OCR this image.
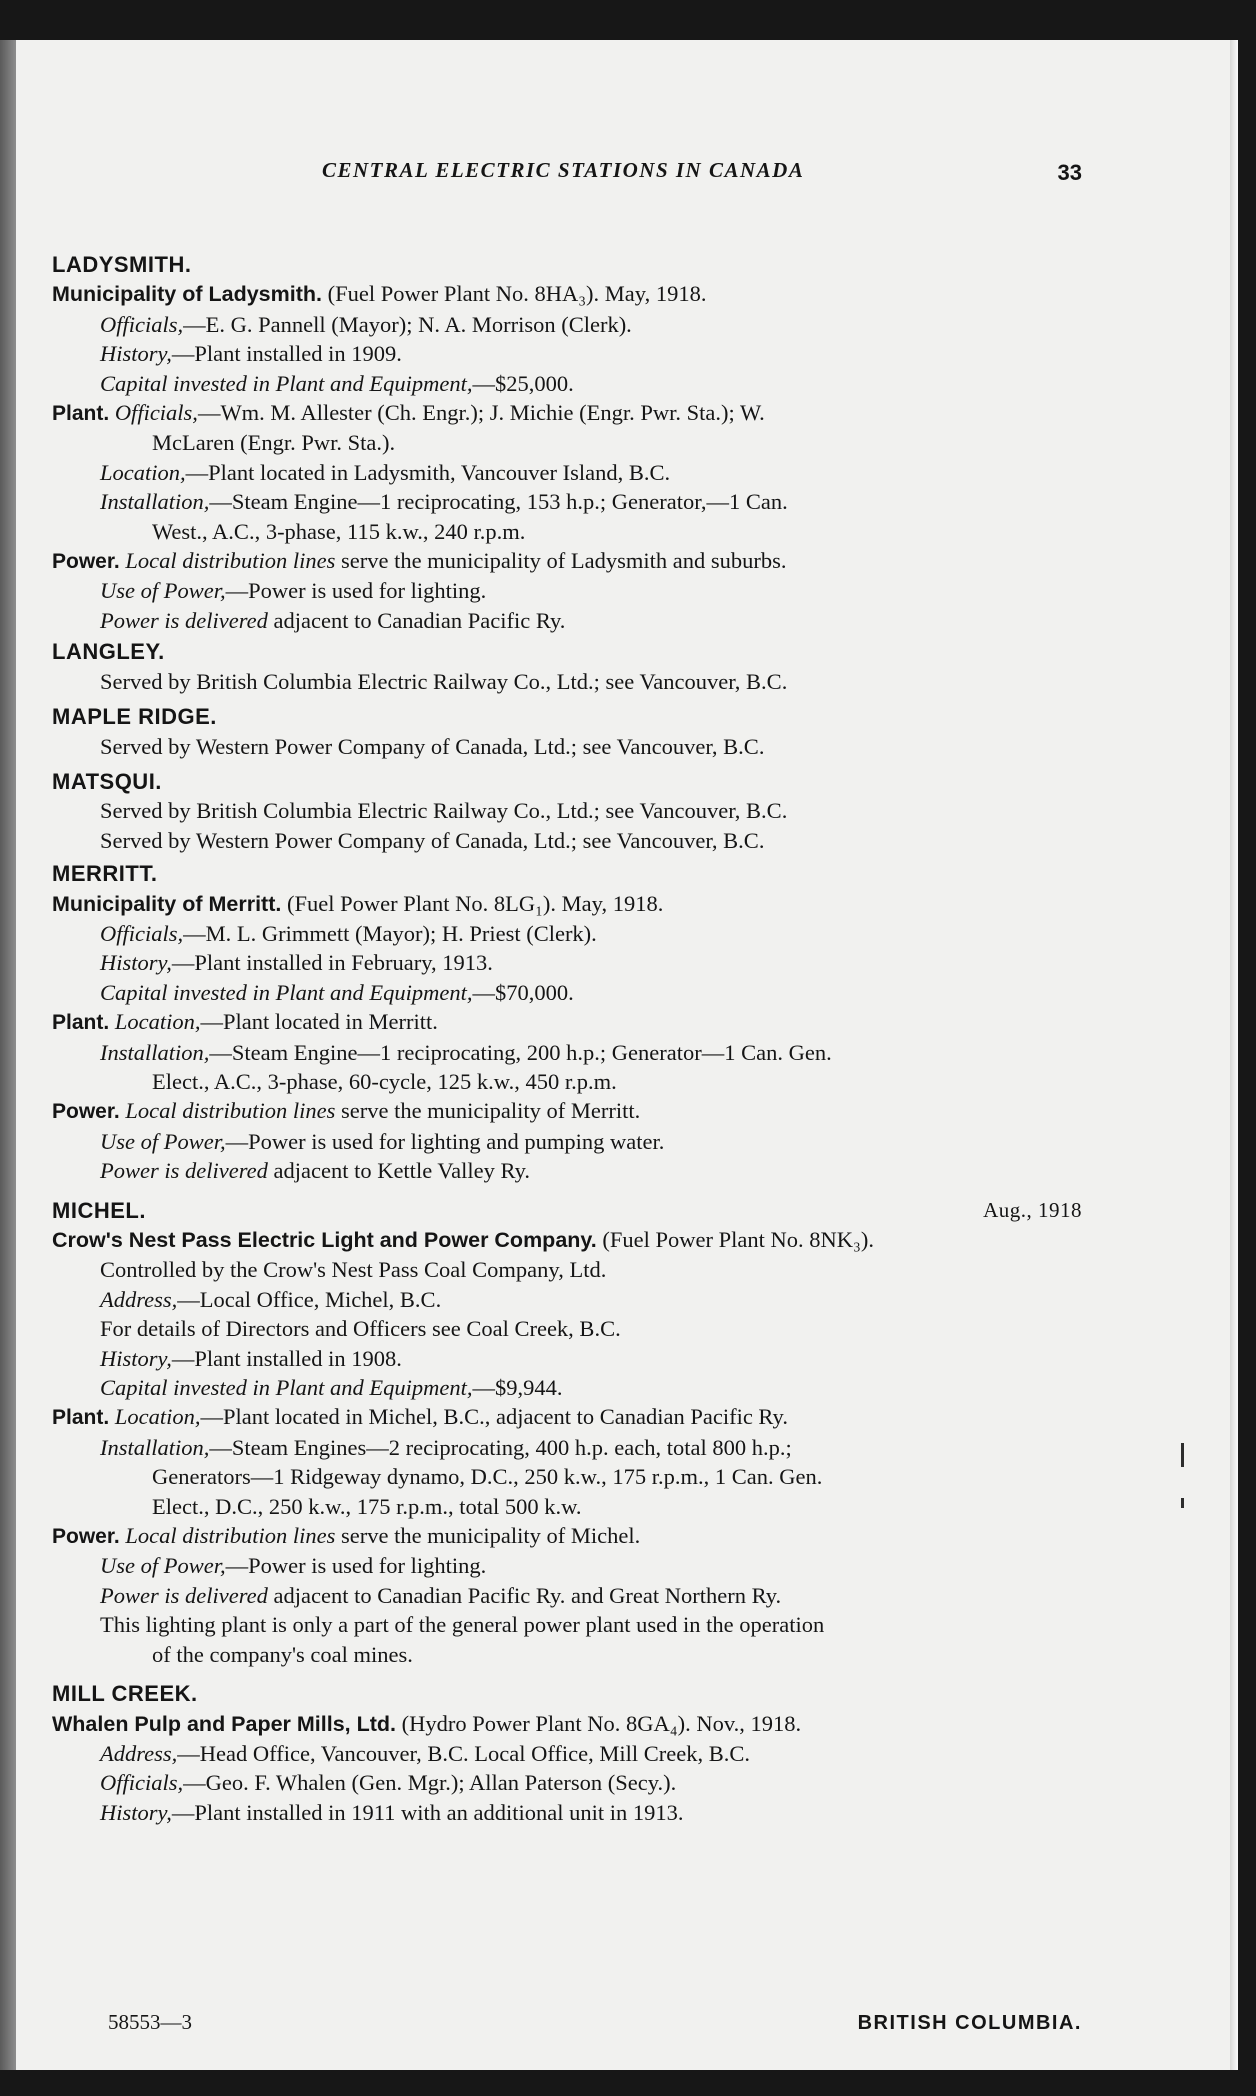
CENTRAL ELECTRIC STATIONS IN CANADA	33
LADYSMITH.
Municipality of Ladysmith. (Fuel Power Plant No. 8HA₃). May, 1918.
Officials,—E. G. Pannell (Mayor); N. A. Morrison (Clerk).
History,—Plant installed in 1909.
Capital invested in Plant and Equipment,—$25,000.
Plant. Officials,—Wm. M. Allester (Ch. Engr.); J. Michie (Engr. Pwr. Sta.); W.
McLaren (Engr. Pwr. Sta.).
Location,—Plant located in Ladysmith, Vancouver Island, B.C.
Installation,—Steam Engine—1 reciprocating, 153 h.p.; Generator,—1 Can.
West., A.C., 3-phase, 115 k.w., 240 r.p.m.
Power. Local distribution lines serve the municipality of Ladysmith and suburbs.
Use of Power,—Power is used for lighting.
Power is delivered adjacent to Canadian Pacific Ry.
LANGLEY.
Served by British Columbia Electric Railway Co., Ltd.; see Vancouver, B.C.
MAPLE RIDGE.
Served by Western Power Company of Canada, Ltd.; see Vancouver, B.C.
MATSQUI.
Served by British Columbia Electric Railway Co., Ltd.; see Vancouver, B.C.
Served by Western Power Company of Canada, Ltd.; see Vancouver, B.C.
MERRITT.
Municipality of Merritt. (Fuel Power Plant No. 8LG₁). May, 1918.
Officials,—M. L. Grimmett (Mayor); H. Priest (Clerk).
History,—Plant installed in February, 1913.
Capital invested in Plant and Equipment,—$70,000.
Plant. Location,—Plant located in Merritt.
Installation,—Steam Engine—1 reciprocating, 200 h.p.; Generator—1 Can. Gen.
Elect., A.C., 3-phase, 60-cycle, 125 k.w., 450 r.p.m.
Power. Local distribution lines serve the municipality of Merritt.
Use of Power,—Power is used for lighting and pumping water.
Power is delivered adjacent to Kettle Valley Ry.
MICHEL.	Aug., 1918
Crow's Nest Pass Electric Light and Power Company. (Fuel Power Plant No. 8NK₃).
Controlled by the Crow's Nest Pass Coal Company, Ltd.
Address,—Local Office, Michel, B.C.
For details of Directors and Officers see Coal Creek, B.C.
History,—Plant installed in 1908.
Capital invested in Plant and Equipment,—$9,944.
Plant. Location,—Plant located in Michel, B.C., adjacent to Canadian Pacific Ry.
Installation,—Steam Engines—2 reciprocating, 400 h.p. each, total 800 h.p.;
Generators—1 Ridgeway dynamo, D.C., 250 k.w., 175 r.p.m., 1 Can. Gen.
Elect., D.C., 250 k.w., 175 r.p.m., total 500 k.w.
Power. Local distribution lines serve the municipality of Michel.
Use of Power,—Power is used for lighting.
Power is delivered adjacent to Canadian Pacific Ry. and Great Northern Ry.
This lighting plant is only a part of the general power plant used in the operation
of the company's coal mines.
MILL CREEK.
Whalen Pulp and Paper Mills, Ltd. (Hydro Power Plant No. 8GA₄). Nov., 1918.
Address,—Head Office, Vancouver, B.C. Local Office, Mill Creek, B.C.
Officials,—Geo. F. Whalen (Gen. Mgr.); Allan Paterson (Secy.).
History,—Plant installed in 1911 with an additional unit in 1913.
58553—3	BRITISH COLUMBIA.
